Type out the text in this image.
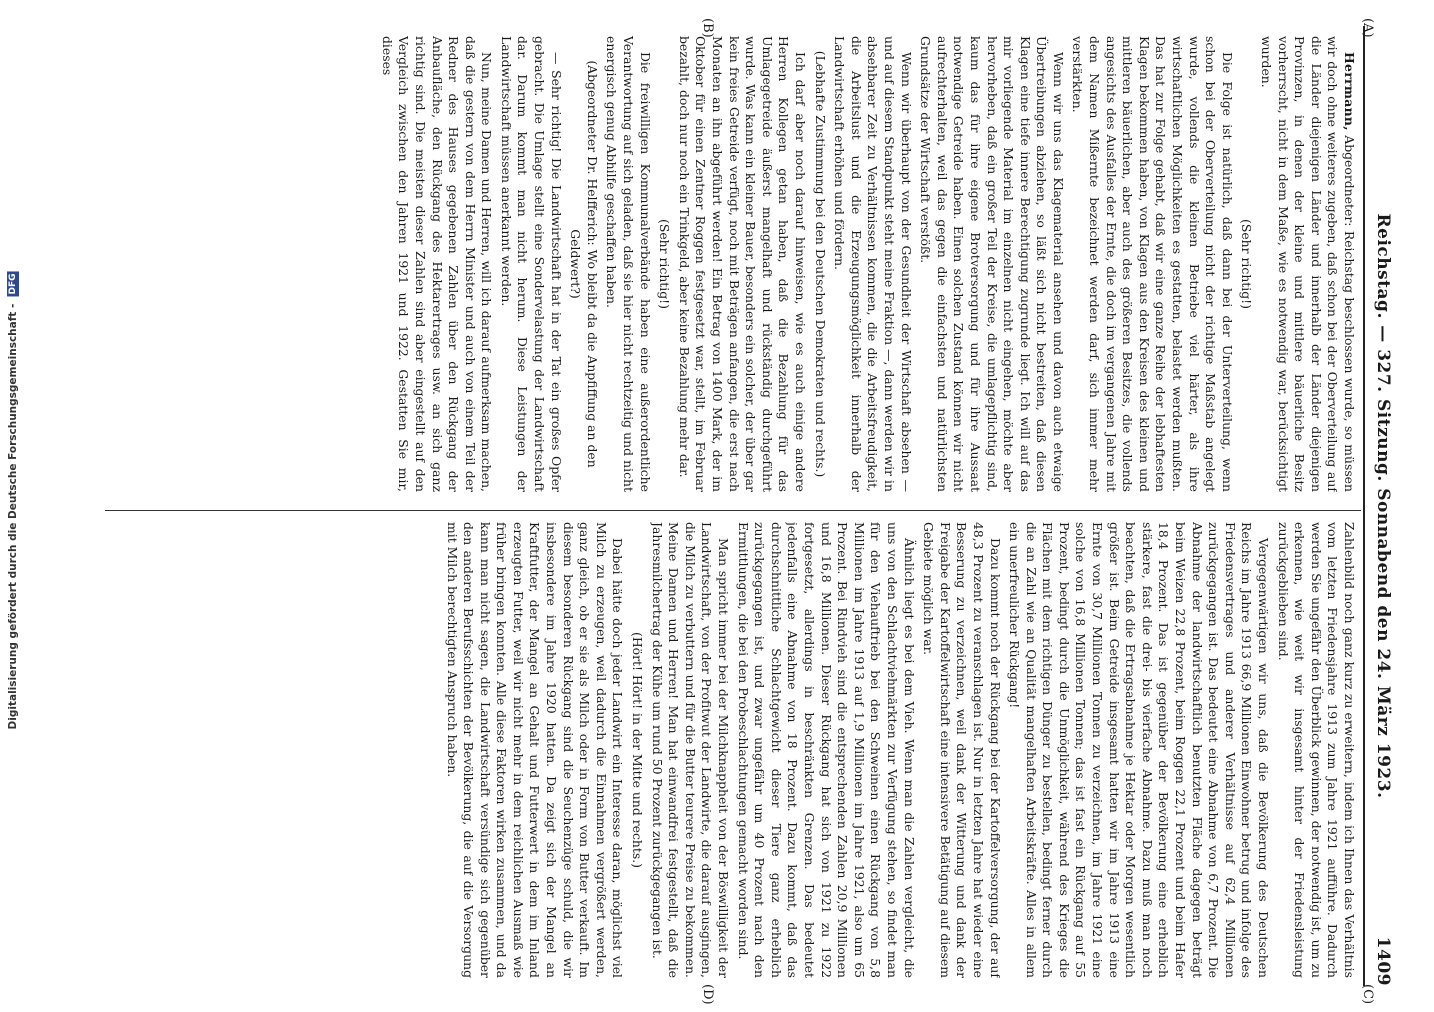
Reichstag. — 327. Sitzung. Sonnabend den 24. März 1923.
1409

Zahlenbild noch ganz kurz zu erweitern, indem ich Ihnen das Verhältnis vom letzten Friedensjahre 1913 zum Jahre 1921 aufführe. Dadurch werden Sie ungefähr den Überblick gewinnen, der notwendig ist, um zu erkennen, wie weit wir insgesamt hinter der Friedensleistung zurückgeblieben sind.

Vergegenwärtigen wir uns, daß die Bevölkerung des Deutschen Reichs im Jahre 1913 66,9 Millionen Einwohner betrug und infolge des Friedensvertrages und anderer Verhältnisse auf 62,4 Millionen zurückgegangen ist. Das bedeutet eine Abnahme von 6,7 Prozent. Die Abnahme der landwirtschaftlich benutzten Fläche dagegen beträgt beim Weizen 22,8 Prozent, beim Roggen 22,1 Prozent und beim Hafer 18,4 Prozent. Das ist gegenüber der Bevölkerung eine erheblich stärkere, fast die drei- bis vierfache Abnahme. Dazu muß man noch beachten, daß die Ertragsabnahme je Hektar oder Morgen wesentlich größer ist. Beim Getreide insgesamt hatten wir im Jahre 1913 eine Ernte von 30,7 Millionen Tonnen zu verzeichnen, im Jahre 1921 eine solche von 16,8 Millionen Tonnen; das ist fast ein Rückgang auf 55 Prozent, bedingt durch die Unmöglichkeit, während des Krieges die Flächen mit dem richtigen Dünger zu bestellen, bedingt ferner durch die an Zahl wie an Qualität mangelhaften Arbeitskräfte. Alles in allem ein unerfreulicher Rückgang!

Dazu kommt noch der Rückgang bei der Kartoffelversorgung, der auf 48,3 Prozent zu veranschlagen ist. Nur in letzten Jahre hat wieder eine Besserung zu verzeichnen, weil dank der Witterung und dank der Freigabe der Kartoffelwirtschaft eine intensivere Betätigung auf diesem Gebiete möglich war.

Ähnlich liegt es bei dem Vieh. Wenn man die Zahlen vergleicht, die uns von den Schlachtviehmärkten zur Verfügung stehen, so findet man für den Viehauftrieb bei den Schweinen einen Rückgang von 5,8 Millionen im Jahre 1913 auf 1,9 Millionen im Jahre 1921, also um 65 Prozent. Bei Rindvieh sind die entsprechenden Zahlen 20,9 Millionen und 16,8 Millionen. Dieser Rückgang hat sich von 1921 zu 1922 fortgesetzt, allerdings in beschränkten Grenzen. Das bedeutet jedenfalls eine Abnahme von 18 Prozent. Dazu kommt, daß das durchschnittliche Schlachtgewicht dieser Tiere ganz erheblich zurückgegangen ist, und zwar ungefähr um 40 Prozent nach den Ermittlungen, die bei den Probeschlachtungen gemacht worden sind.

Man spricht immer bei der Milchknappheit von der Böswilligkeit der Landwirtschaft, von der Profitwut der Landwirte, die darauf ausgingen, die Milch zu verbuttern und für die Butter teurere Preise zu bekommen. Meine Damen und Herren! Man hat einwandfrei festgestellt, daß die Jahresmilchertrag der Kühe um rund 50 Prozent zurückgegangen ist.

(Hört! Hört! in der Mitte und rechts.)

Dabei hätte doch jeder Landwirt ein Interesse daran, möglichst viel Milch zu erzeugen, weil dadurch die Einnahmen vergrößert werden, ganz gleich, ob er sie als Milch oder in Form von Butter verkauft. Im diesem besonderen Rückgang sind die Seuchenzüge schuld, die wir insbesondere im Jahre 1920 hatten. Da zeigt sich der Mangel an Kraftfutter, der Mangel an Gehalt und Futterwert in dem im Inland erzeugten Futter, weil wir nicht mehr in dem reichlichen Ausmaß wie früher bringen konnten. Alle diese Faktoren wirken zusammen, und da kann man nicht sagen, die Landwirtschaft versündige sich gegenüber den anderen Berufsschichten der Bevölkerung, die auf die Versorgung mit Milch berechtigten Anspruch haben.

Herrmann, Abgeordneter: Reichstag beschlossen wurde, so müssen wir doch ohne weiteres zugeben, daß schon bei der Oberverteilung auf die Länder diejenigen Länder und innerhalb der Länder diejenigen Provinzen, in denen der kleine und mittlere bäuerliche Besitz vorherrscht, nicht in dem Maße, wie es notwendig war, berücksichtigt wurden.

(Sehr richtig!)

Die Folge ist natürlich, daß dann bei der Unterverteilung, wenn schon bei der Oberverteilung nicht der richtige Maßstab angelegt wurde, vollends die kleinen Betriebe viel härter, als ihre wirtschaftlichen Möglichkeiten es gestatten, belastet werden mußten. Das hat zur Folge gehabt, daß wir eine ganze Reihe der lebhaftesten Klagen bekommen haben, von Klagen aus den Kreisen des kleinen und mittleren bäuerlichen, aber auch des größeren Besitzes, die vollends angesichts des Ausfalles der Ernte, die doch im vergangenen Jahre mit dem Namen Mißernte bezeichnet werden darf, sich immer mehr verstärkten.

Wenn wir uns das Klagematerial ansehen und davon auch etwaige Übertreibungen abziehen, so läßt sich nicht bestreiten, daß diesen Klagen eine tiefe innere Berechtigung zugrunde liegt. Ich will auf das mir vorliegende Material im einzelnen nicht eingehen, möchte aber hervorheben, daß ein großer Teil der Kreise, die umlagepflichtig sind, kaum das für ihre eigene Brotversorgung und für ihre Aussaat notwendige Getreide haben. Einen solchen Zustand können wir nicht aufrechterhalten, weil das gegen die einfachsten und natürlichsten Grundsätze der Wirtschaft verstößt.

Wenn wir überhaupt von der Gesundheit der Wirtschaft absehen — und auf diesem Standpunkt steht meine Fraktion —, dann werden wir in absehbarer Zeit zu Verhältnissen kommen, die die Arbeitsfreudigkeit, die Arbeitslust und die Erzeugungsmöglichkeit innerhalb der Landwirtschaft erhöhen und fördern.

(Lebhafte Zustimmung bei den Deutschen Demokraten und rechts.)

Ich darf aber noch darauf hinweisen, wie es auch einige andere Herren Kollegen getan haben, daß die Bezahlung für das Umlagegetreide äußerst mangelhaft und rückständig durchgeführt wurde. Was kann ein kleiner Bauer, besonders ein solcher, der über gar kein freies Getreide verfügt, noch mit Beträgen anfangen, die erst nach Monaten an ihn abgeführt werden! Ein Betrag von 1400 Mark, der im Oktober für einen Zentner Roggen festgesetzt war, stellt, im Februar bezahlt, doch nur noch ein Trinkgeld, aber keine Bezahlung mehr dar.

(Sehr richtig!)

Die freiwilligen Kommunalverbände haben eine außerordentliche Verantwortung auf sich geladen, daß sie hier nicht rechtzeitig und nicht energisch genug Abhilfe geschaffen haben.

(Abgeordneter Dr. Helfferich: Wo bleibt da die Anpfiffung an den Geldwert?)

— Sehr richtig! Die Landwirtschaft hat in der Tat ein großes Opfer gebracht. Die Umlage stellt eine Sondervelastung der Landwirtschaft dar. Darum kommt man nicht herum. Diese Leistungen der Landwirtschaft müssen anerkannt werden.

Nun, meine Damen und Herren, will ich darauf aufmerksam machen, daß die gestern von dem Herrn Minister und auch von einem Teil der Redner des Hauses gegebenen Zahlen über den Rückgang der Anbaufläche, den Rückgang des Hektarertrages usw. an sich ganz richtig sind. Die meisten dieser Zahlen sind aber eingestellt auf den Vergleich zwischen den Jahren 1921 und 1922. Gestatten Sie mir, dieses

(A)
(B)
(C)
(D)
Digitalisierung gefördert durch die Deutsche Forschungsgemeinschaft - DFG
